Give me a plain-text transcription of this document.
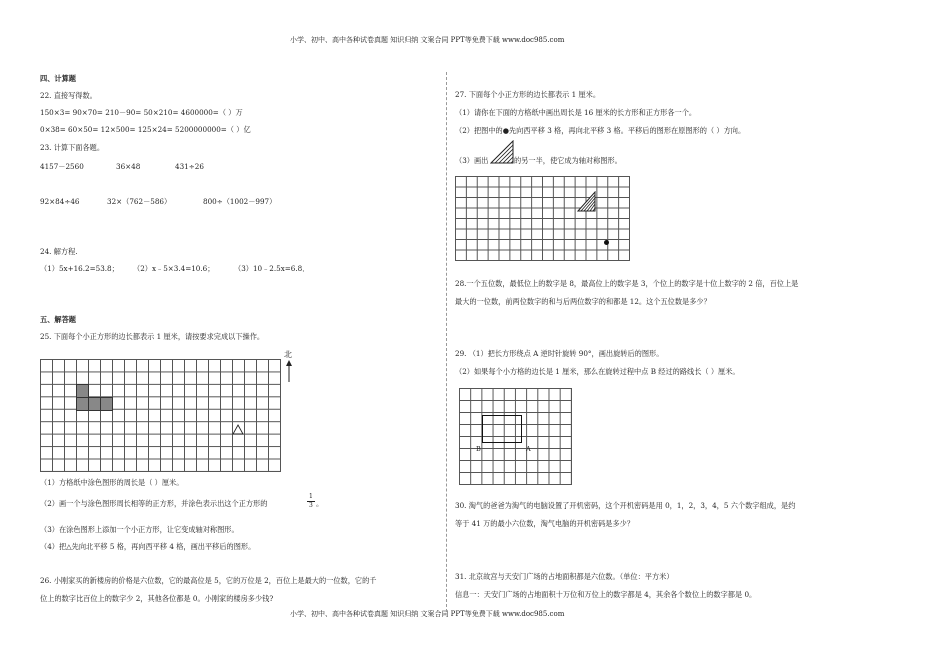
小学、初中、高中各种试卷真题 知识归纳 文案合同 PPT等免费下载 www.doc985.com
小学、初中、高中各种试卷真题 知识归纳 文案合同 PPT等免费下载 www.doc985.com
四、计算题
22. 直接写得数。
150×3= 90×70= 210－90= 50×210= 4600000=（ ）万
0×38= 60×50= 12×500= 125×24= 5200000000=（ ）亿
23. 计算下面各题。
4157－2560	36×48	431÷26
92×84÷46	32×（762－586）	800÷（1002－997）
24. 解方程.
（1）5x+16.2=53.8； （2）x﹣5×3.4=10.6；	（3）10﹣2.5x=6.8．
五、解答题
25. 下面每个小正方形的边长都表示 1 厘米，请按要求完成以下操作。
北
（1）方格纸中涂色图形的周长是（ ）厘米。
（2）画一个与涂色图形周长相等的正方形，并涂色表示出这个正方形的
1
3 。
（3）在涂色图形上添加一个小正方形，让它变成轴对称图形。
（4）把△先向北平移 5 格，再向西平移 4 格，画出平移后的图形。
26. 小刚家买的新楼房的价格是六位数，它的最高位是 5，它的万位是 2，百位上是最大的一位数，它的千
位上的数字比百位上的数字少 2，其他各位都是 0。小刚家的楼房多少钱?
27. 下面每个小正方形的边长都表示 1 厘米。
（1）请你在下面的方格纸中画出周长是 16 厘米的长方形和正方形各一个。
（2）把图中的●先向西平移 3 格，再向北平移 3 格。平移后的图形在原图形的（ ）方向。
（3）画出	的另一半，使它成为轴对称图形。
28.一个五位数，最低位上的数字是 8，最高位上的数字是 3，个位上的数字是十位上数字的 2 倍，百位上是
最大的一位数，前两位数字的和与后两位数字的和都是 12。这个五位数是多少？
29. （1）把长方形绕点 A 逆时针旋转 90°，画出旋转后的图形。
（2）如果每个小方格的边长是 1 厘米，那么在旋转过程中点 B 经过的路线长（ ）厘米。
B	A
30. 淘气的爸爸为淘气的电脑设置了开机密码，这个开机密码是用 0，1，2，3，4，5 六个数字组成，是约
等于 41 万的最小六位数，淘气电脑的开机密码是多少？
31. 北京故宫与天安门广场的占地面积都是六位数。（单位：平方米）
信息一：天安门广场的占地面积十万位和万位上的数字都是 4，其余各个数位上的数字都是 0。
